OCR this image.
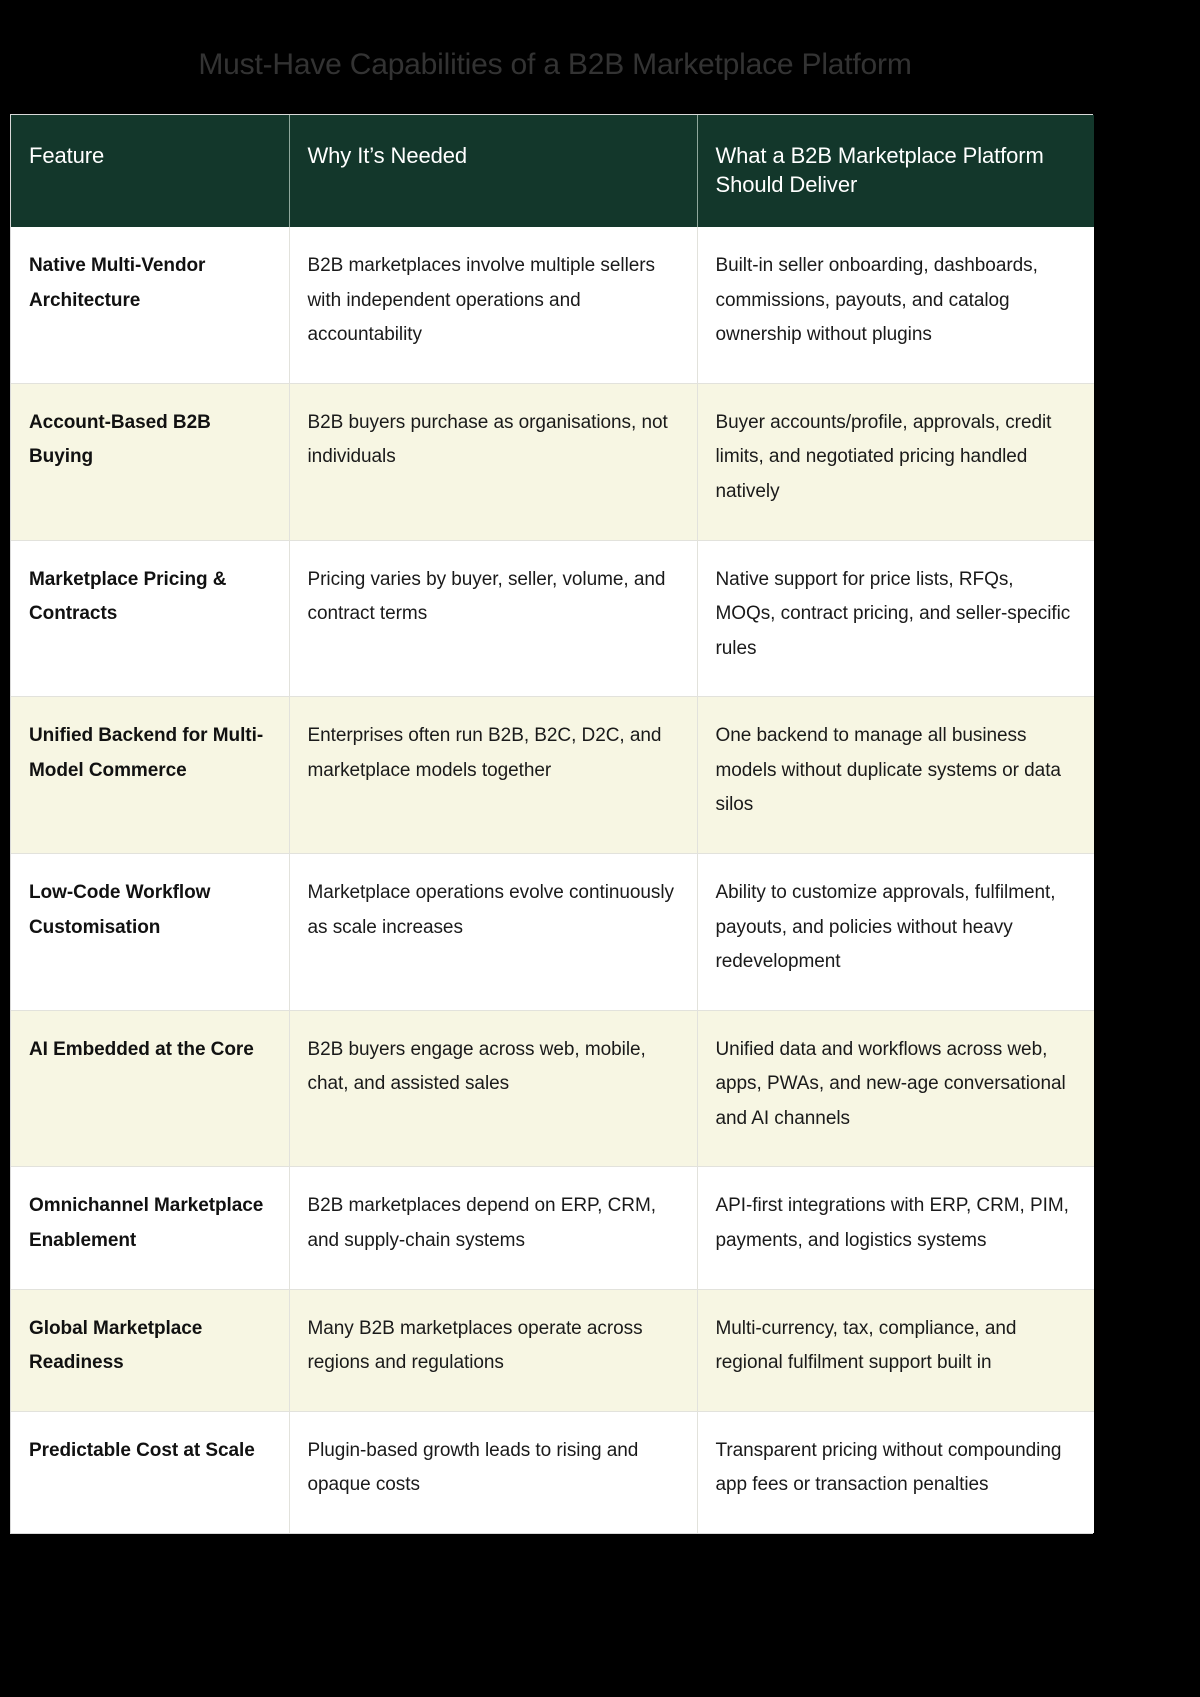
Must-Have Capabilities of a B2B Marketplace Platform
Feature	Why It’s Needed	What a B2B Marketplace Platform Should Deliver
Native Multi-Vendor Architecture	B2B marketplaces involve multiple sellers with independent operations and accountability	Built-in seller onboarding, dashboards, commissions, payouts, and catalog ownership without plugins
Account-Based B2B Buying	B2B buyers purchase as organisations, not individuals	Buyer accounts/profile, approvals, credit limits, and negotiated pricing handled natively
Marketplace Pricing & Contracts	Pricing varies by buyer, seller, volume, and contract terms	Native support for price lists, RFQs, MOQs, contract pricing, and seller-specific rules
Unified Backend for Multi-Model Commerce	Enterprises often run B2B, B2C, D2C, and marketplace models together	One backend to manage all business models without duplicate systems or data silos
Low-Code Workflow Customisation	Marketplace operations evolve continuously as scale increases	Ability to customize approvals, fulfilment, payouts, and policies without heavy redevelopment
AI Embedded at the Core	B2B buyers engage across web, mobile, chat, and assisted sales	Unified data and workflows across web, apps, PWAs, and new-age conversational and AI channels
Omnichannel Marketplace Enablement	B2B marketplaces depend on ERP, CRM, and supply-chain systems	API-first integrations with ERP, CRM, PIM, payments, and logistics systems
Global Marketplace Readiness	Many B2B marketplaces operate across regions and regulations	Multi-currency, tax, compliance, and regional fulfilment support built in
Predictable Cost at Scale	Plugin-based growth leads to rising and opaque costs	Transparent pricing without compounding app fees or transaction penalties
